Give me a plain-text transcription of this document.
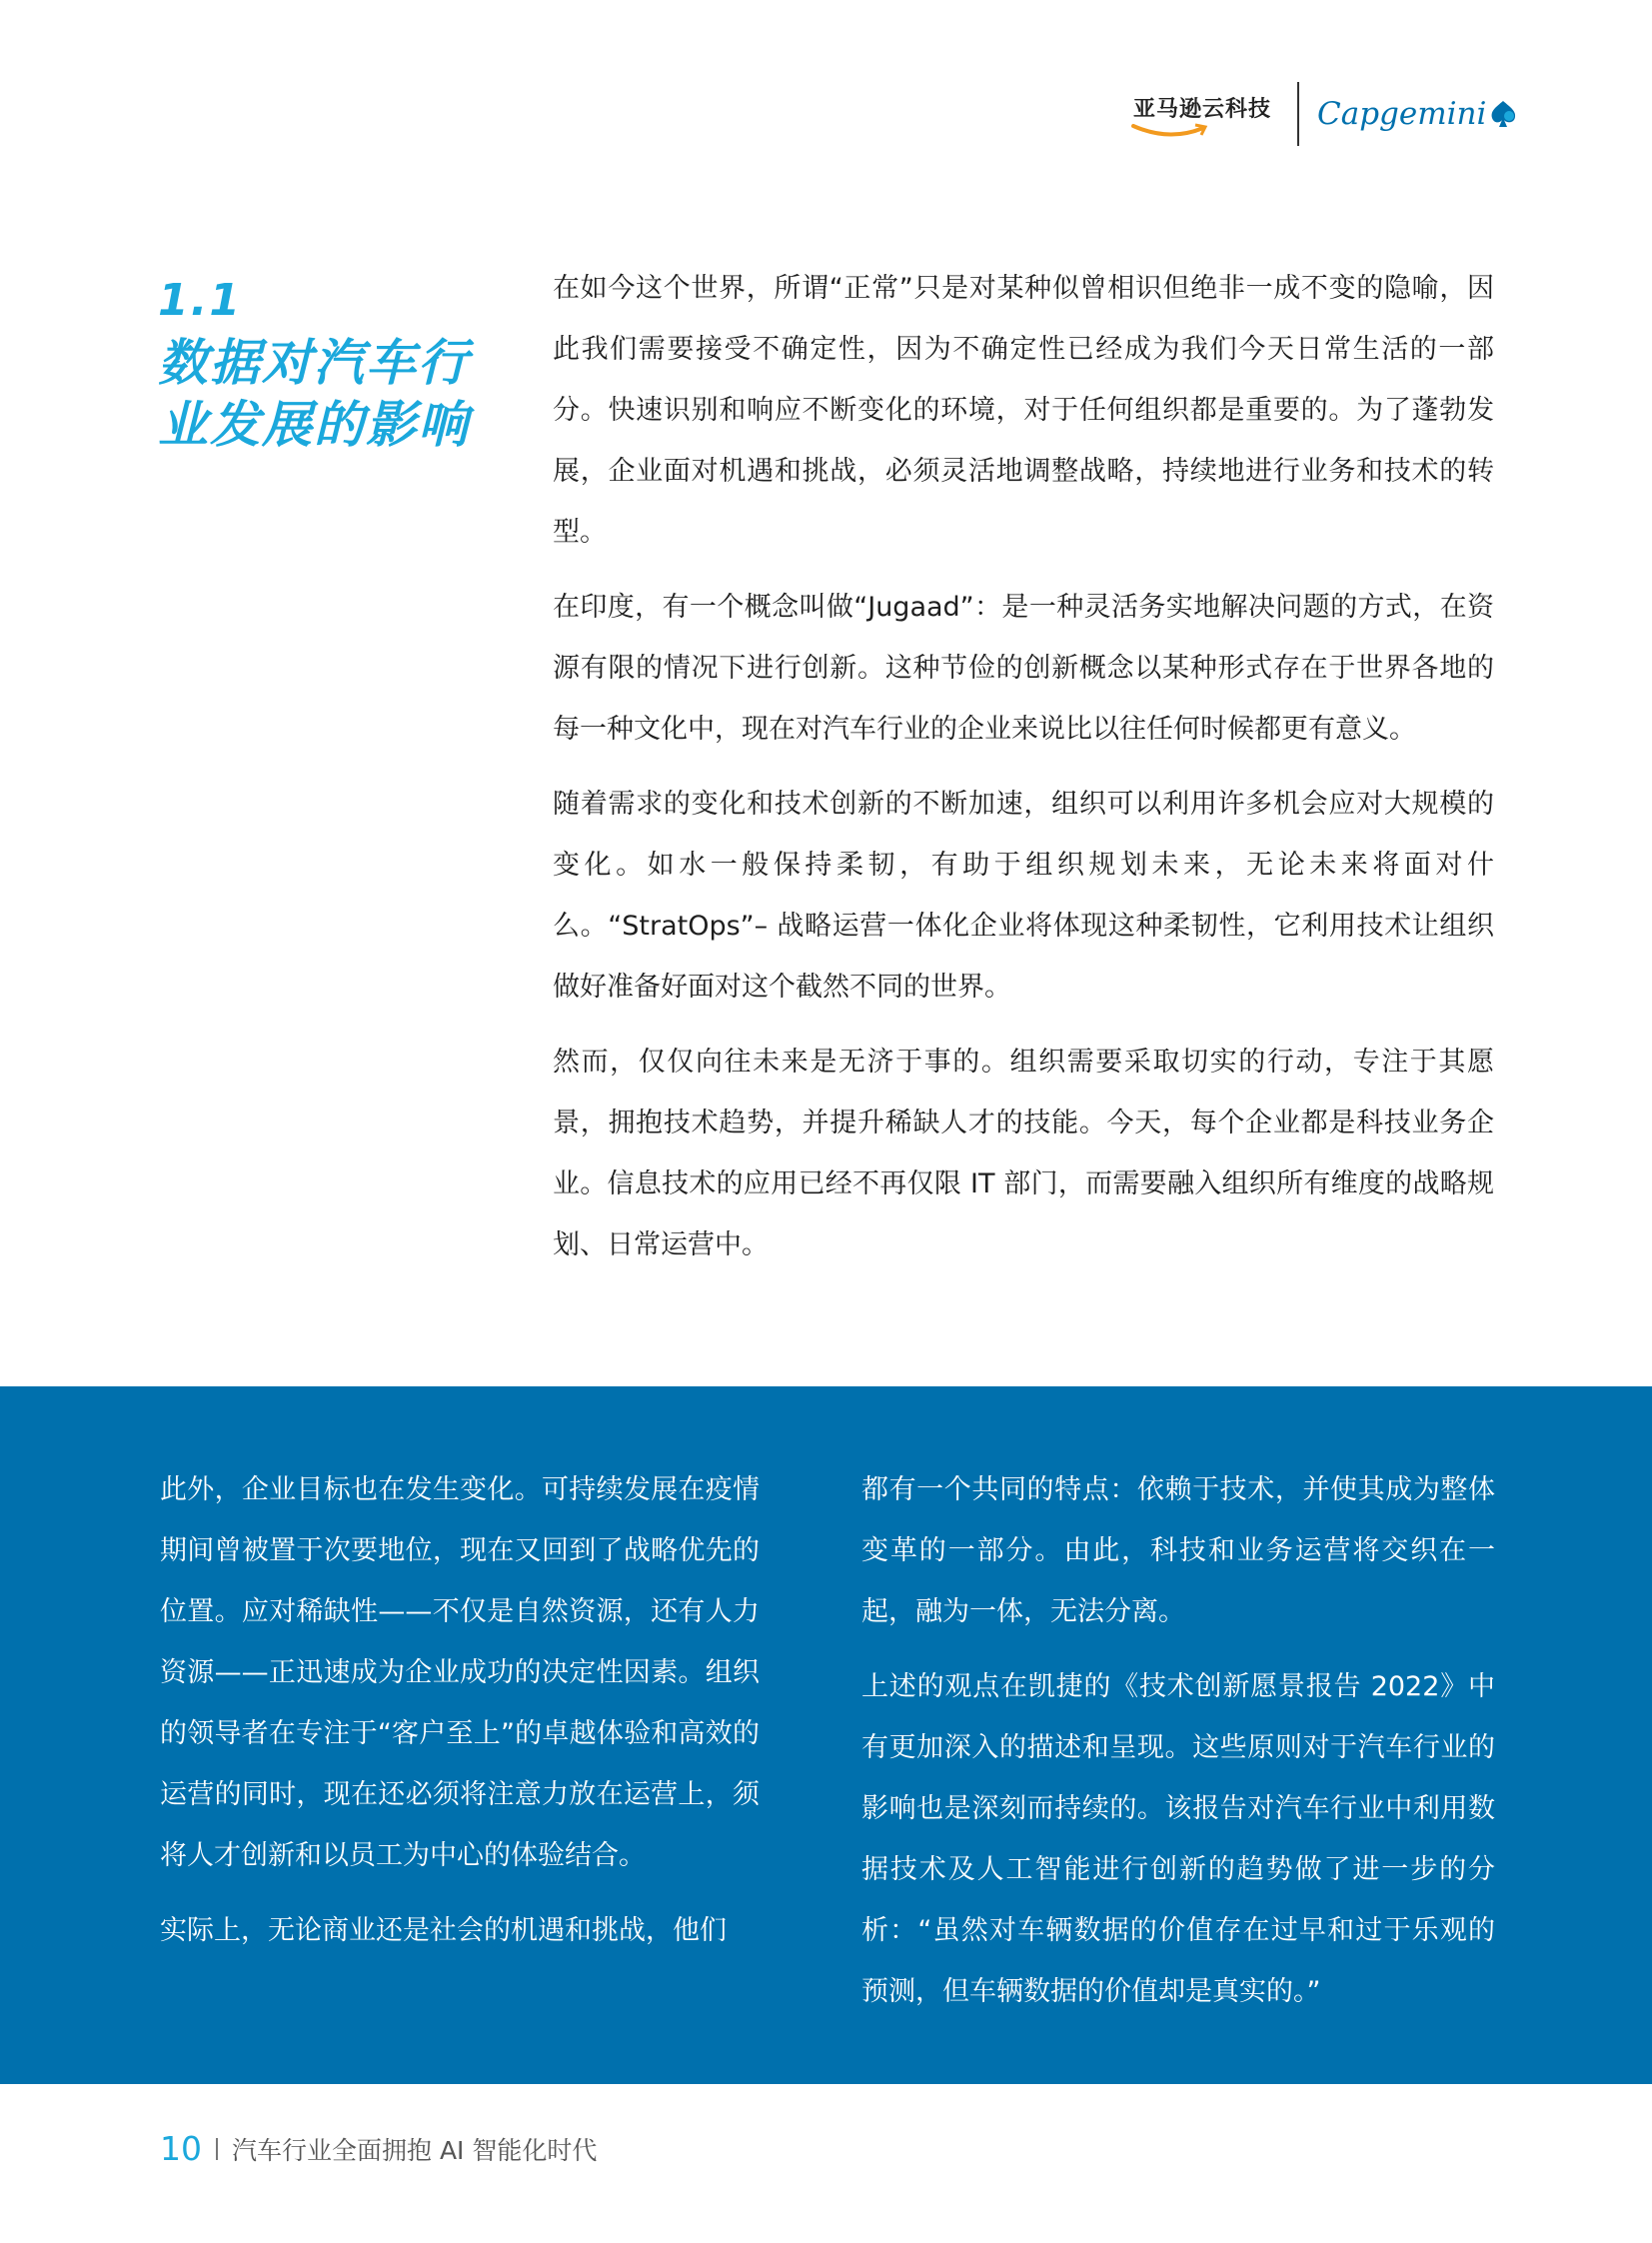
亚马逊云科技 Capgemini
1.1
数据对汽车行
业发展的影响

在如今这个世界，所谓“正常”只是对某种似曾相识但绝非一成不变的隐喻，因此我们需要接受不确定性，因为不确定性已经成为我们今天日常生活的一部分。快速识别和响应不断变化的环境，对于任何组织都是重要的。为了蓬勃发展，企业面对机遇和挑战，必须灵活地调整战略，持续地进行业务和技术的转型。

在印度，有一个概念叫做“Jugaad”：是一种灵活务实地解决问题的方式，在资源有限的情况下进行创新。这种节俭的创新概念以某种形式存在于世界各地的每一种文化中，现在对汽车行业的企业来说比以往任何时候都更有意义。

随着需求的变化和技术创新的不断加速，组织可以利用许多机会应对大规模的变化。如水一般保持柔韧，有助于组织规划未来，无论未来将面对什么。“StratOps”– 战略运营一体化企业将体现这种柔韧性，它利用技术让组织做好准备好面对这个截然不同的世界。

然而，仅仅向往未来是无济于事的。组织需要采取切实的行动，专注于其愿景，拥抱技术趋势，并提升稀缺人才的技能。今天，每个企业都是科技业务企业。信息技术的应用已经不再仅限 IT 部门，而需要融入组织所有维度的战略规划、日常运营中。

此外，企业目标也在发生变化。可持续发展在疫情期间曾被置于次要地位，现在又回到了战略优先的位置。应对稀缺性——不仅是自然资源，还有人力资源——正迅速成为企业成功的决定性因素。组织的领导者在专注于“客户至上”的卓越体验和高效的运营的同时，现在还必须将注意力放在运营上，须将人才创新和以员工为中心的体验结合。

实际上，无论商业还是社会的机遇和挑战，他们

都有一个共同的特点：依赖于技术，并使其成为整体变革的一部分。由此，科技和业务运营将交织在一起，融为一体，无法分离。

上述的观点在凯捷的《技术创新愿景报告 2022》中有更加深入的描述和呈现。这些原则对于汽车行业的影响也是深刻而持续的。该报告对汽车行业中利用数据技术及人工智能进行创新的趋势做了进一步的分析：“虽然对车辆数据的价值存在过早和过于乐观的预测，但车辆数据的价值却是真实的。”

10 汽车行业全面拥抱 AI 智能化时代
